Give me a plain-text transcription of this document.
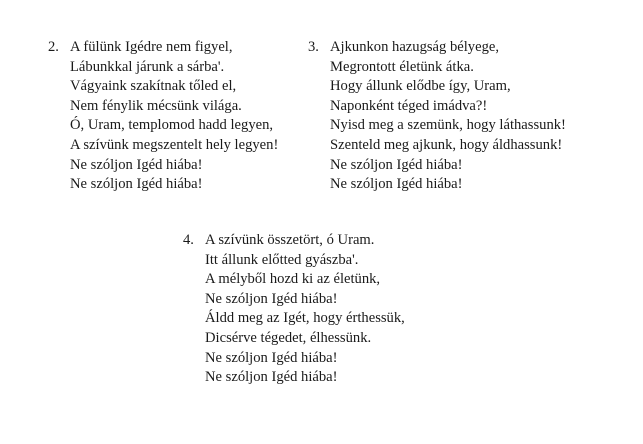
2. A fülünk Igédre nem figyel,
Lábunkkal járunk a sárba'.
Vágyaink szakítnak tőled el,
Nem fénylik mécsünk világa.
Ó, Uram, templomod hadd legyen,
A szívünk megszentelt hely legyen!
Ne szóljon Igéd hiába!
Ne szóljon Igéd hiába!
3. Ajkunkon hazugság bélyege,
Megrontott életünk átka.
Hogy állunk elődbe így, Uram,
Naponként téged imádva?!
Nyisd meg a szemünk, hogy láthassunk!
Szenteld meg ajkunk, hogy áldhassunk!
Ne szóljon Igéd hiába!
Ne szóljon Igéd hiába!
4. A szívünk összetört, ó Uram.
Itt állunk előtted gyászba'.
A mélyből hozd ki az életünk,
Ne szóljon Igéd hiába!
Áldd meg az Igét, hogy érthessük,
Dicsérve tégedet, élhessünk.
Ne szóljon Igéd hiába!
Ne szóljon Igéd hiába!
